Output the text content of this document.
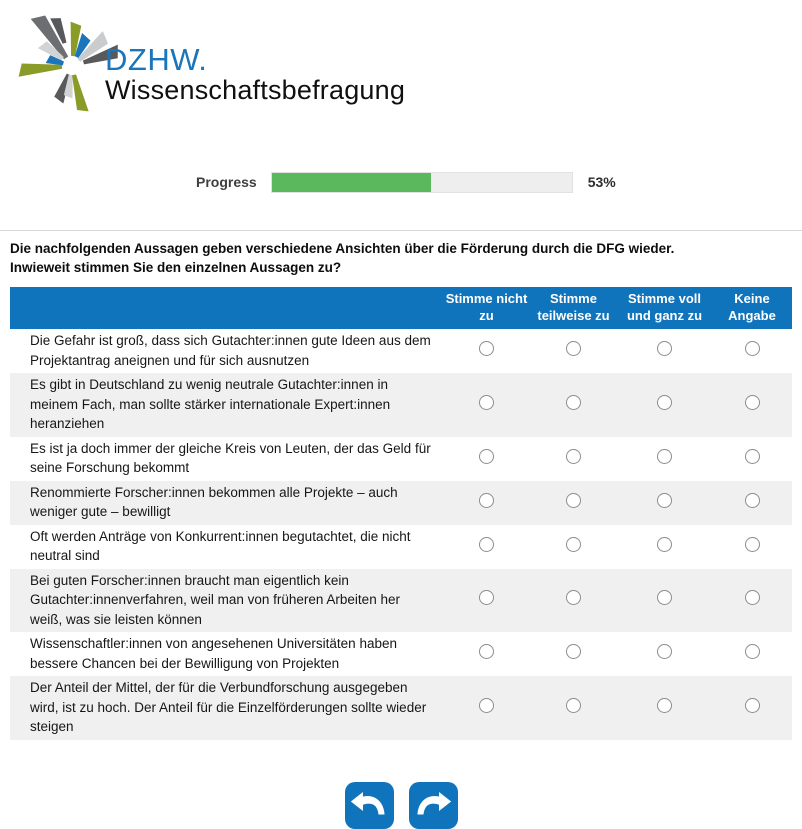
DZHW.
Wissenschaftsbefragung
Progress	53%
Die nachfolgenden Aussagen geben verschiedene Ansichten über die Förderung durch die DFG wieder.
Inwieweit stimmen Sie den einzelnen Aussagen zu?
	Stimme nicht zu	Stimme teilweise zu	Stimme voll und ganz zu	Keine Angabe
Die Gefahr ist groß, dass sich Gutachter:innen gute Ideen aus dem Projektantrag aneignen und für sich ausnutzen				
Es gibt in Deutschland zu wenig neutrale Gutachter:innen in meinem Fach, man sollte stärker internationale Expert:innen heranziehen				
Es ist ja doch immer der gleiche Kreis von Leuten, der das Geld für seine Forschung bekommt				
Renommierte Forscher:innen bekommen alle Projekte – auch weniger gute – bewilligt				
Oft werden Anträge von Konkurrent:innen begutachtet, die nicht neutral sind				
Bei guten Forscher:innen braucht man eigentlich kein Gutachter:innenverfahren, weil man von früheren Arbeiten her weiß, was sie leisten können				
Wissenschaftler:innen von angesehenen Universitäten haben bessere Chancen bei der Bewilligung von Projekten				
Der Anteil der Mittel, der für die Verbundforschung ausgegeben wird, ist zu hoch. Der Anteil für die Einzelförderungen sollte wieder steigen				
